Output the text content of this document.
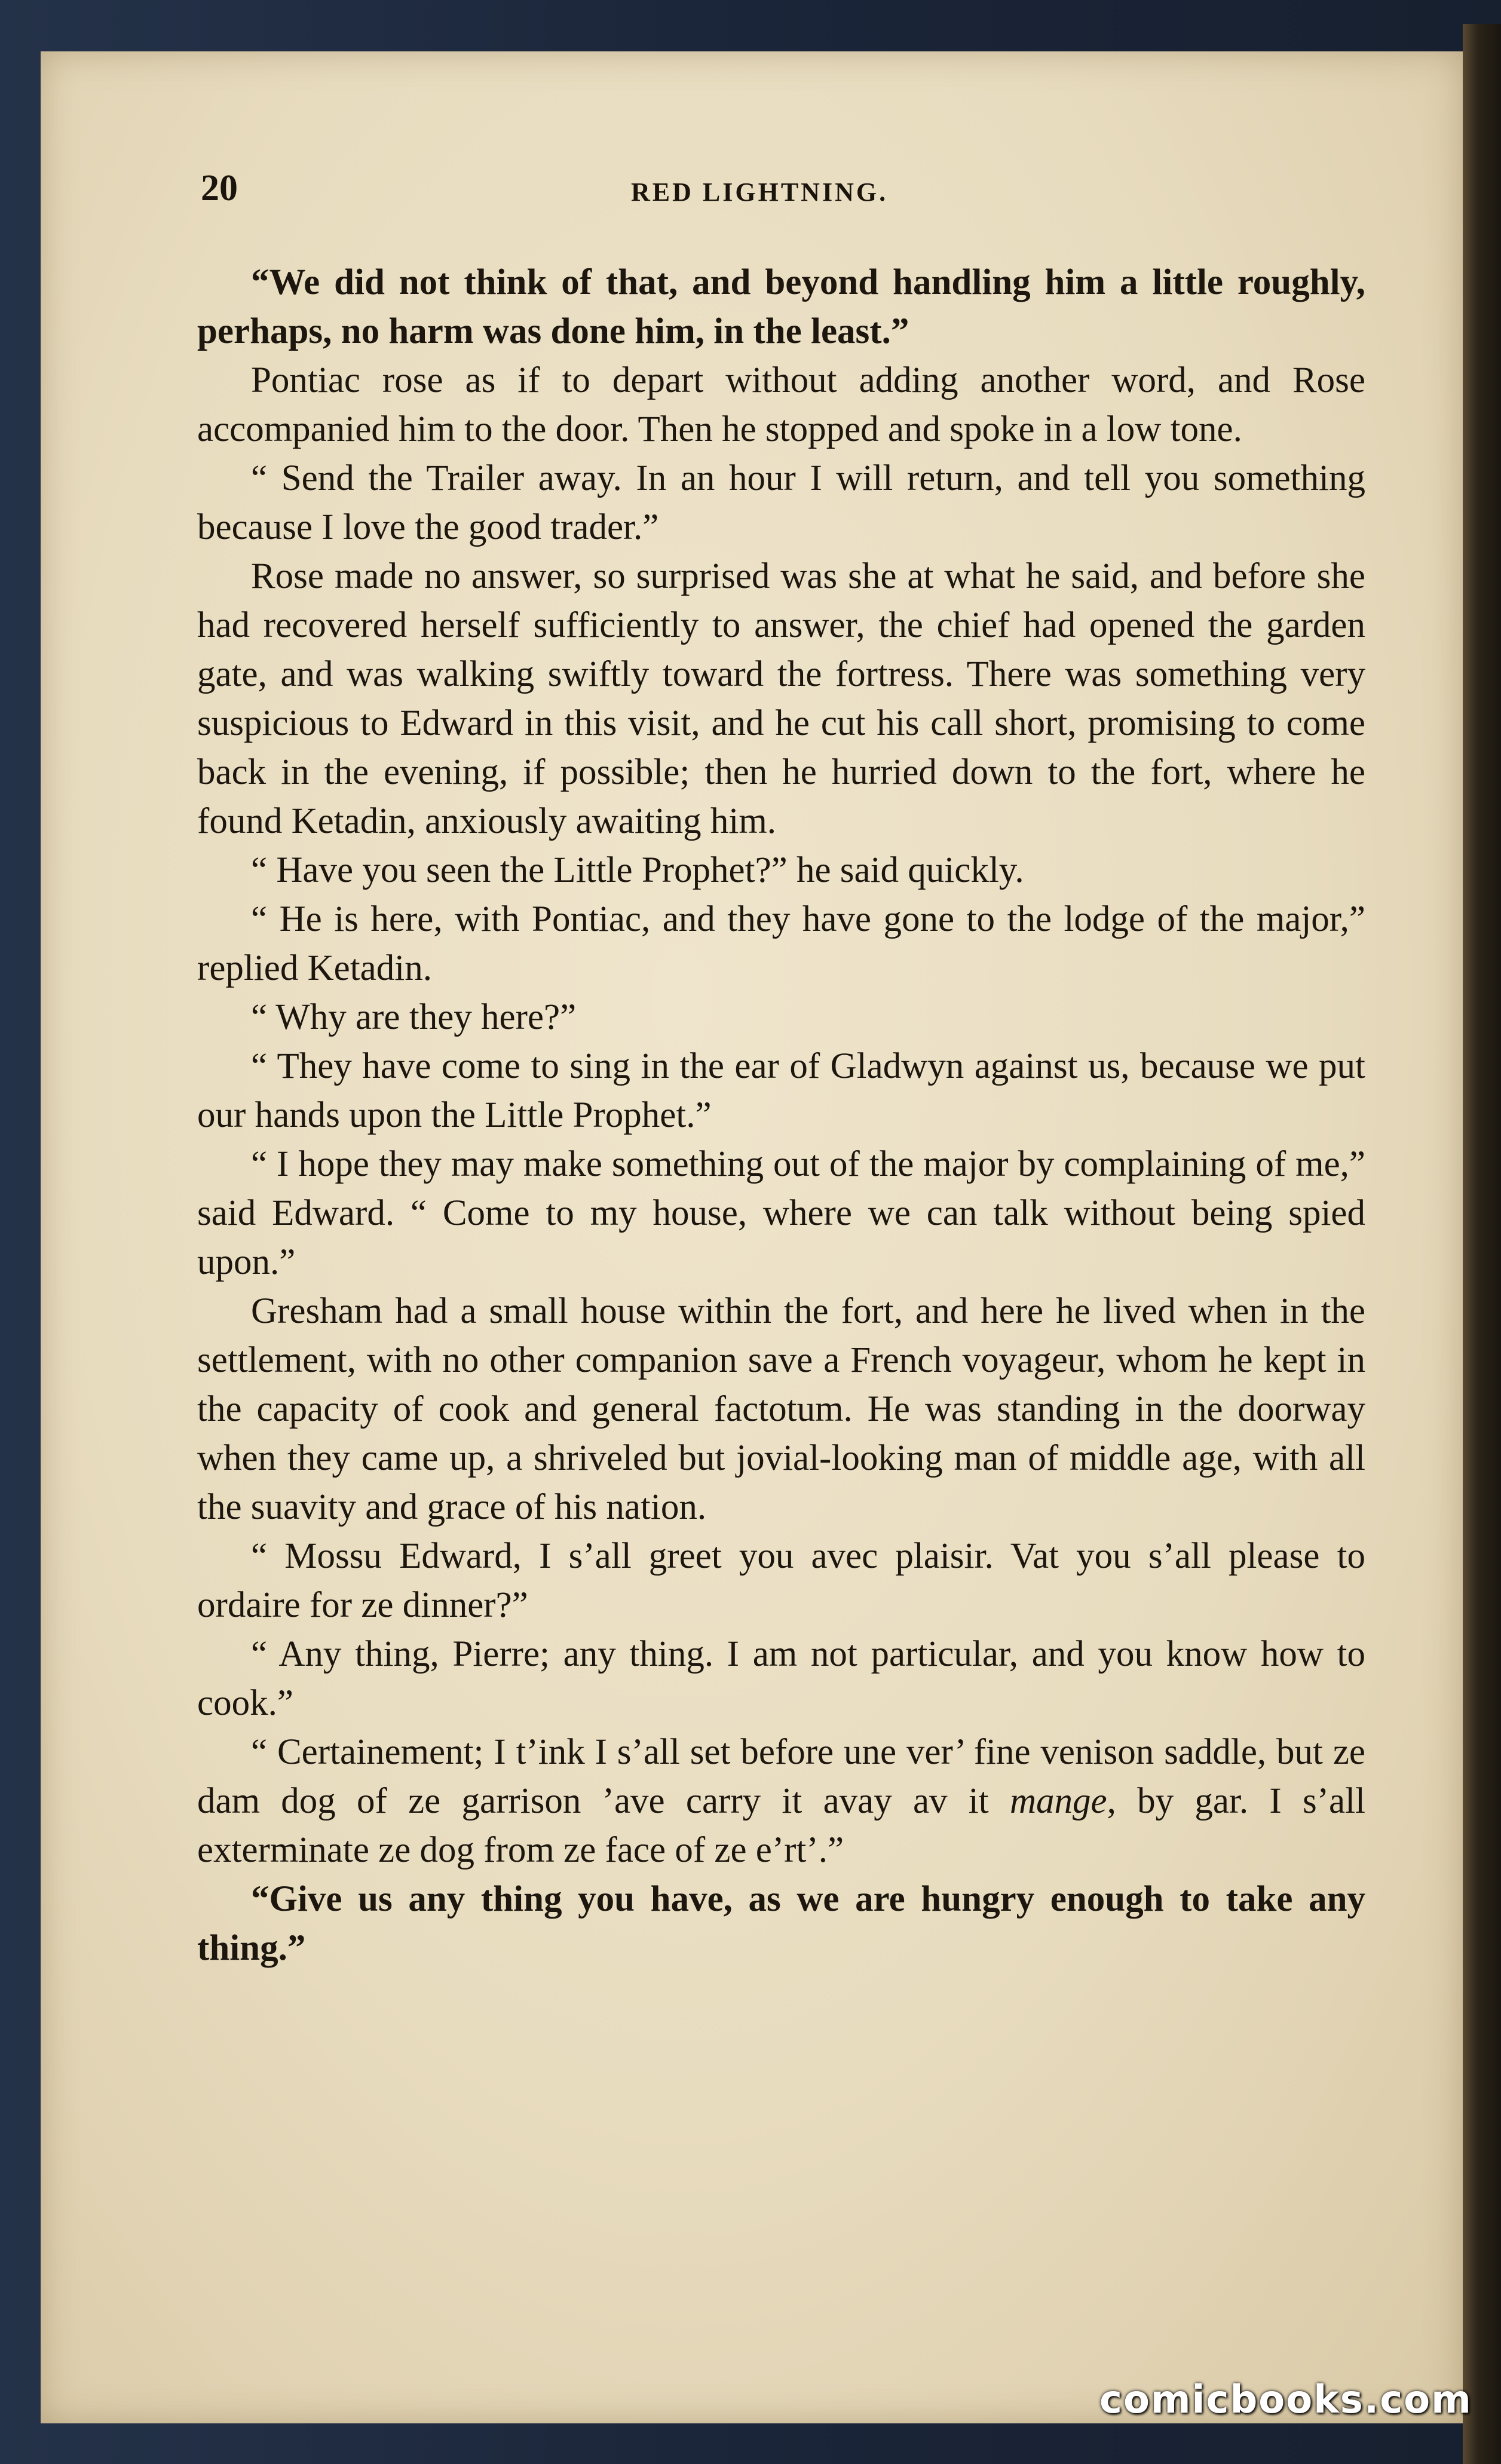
20	RED LIGHTNING.

“We did not think of that, and beyond handling him a little roughly, perhaps, no harm was done him, in the least.”

Pontiac rose as if to depart without adding another word, and Rose accompanied him to the door. Then he stopped and spoke in a low tone.

“ Send the Trailer away. In an hour I will return, and tell you something because I love the good trader.”

Rose made no answer, so surprised was she at what he said, and before she had recovered herself sufficiently to answer, the chief had opened the garden gate, and was walking swiftly toward the fortress. There was something very suspicious to Edward in this visit, and he cut his call short, promising to come back in the evening, if possible; then he hurried down to the fort, where he found Ketadin, anxiously awaiting him.

“ Have you seen the Little Prophet?” he said quickly.

“ He is here, with Pontiac, and they have gone to the lodge of the major,” replied Ketadin.

“ Why are they here?”

“ They have come to sing in the ear of Gladwyn against us, because we put our hands upon the Little Prophet.”

“ I hope they may make something out of the major by complaining of me,” said Edward. “ Come to my house, where we can talk without being spied upon.”

Gresham had a small house within the fort, and here he lived when in the settlement, with no other companion save a French voyageur, whom he kept in the capacity of cook and general factotum. He was standing in the doorway when they came up, a shriveled but jovial-looking man of middle age, with all the suavity and grace of his nation.

“ Mossu Edward, I s’all greet you avec plaisir. Vat you s’all please to ordaire for ze dinner?”

“ Any thing, Pierre; any thing. I am not particular, and you know how to cook.”

“ Certainement; I t’ink I s’all set before une ver’ fine venison saddle, but ze dam dog of ze garrison ’ave carry it avay av it mange, by gar. I s’all exterminate ze dog from ze face of ze e’rt’.”

“Give us any thing you have, as we are hungry enough to take any thing.”

comicbooks.com
